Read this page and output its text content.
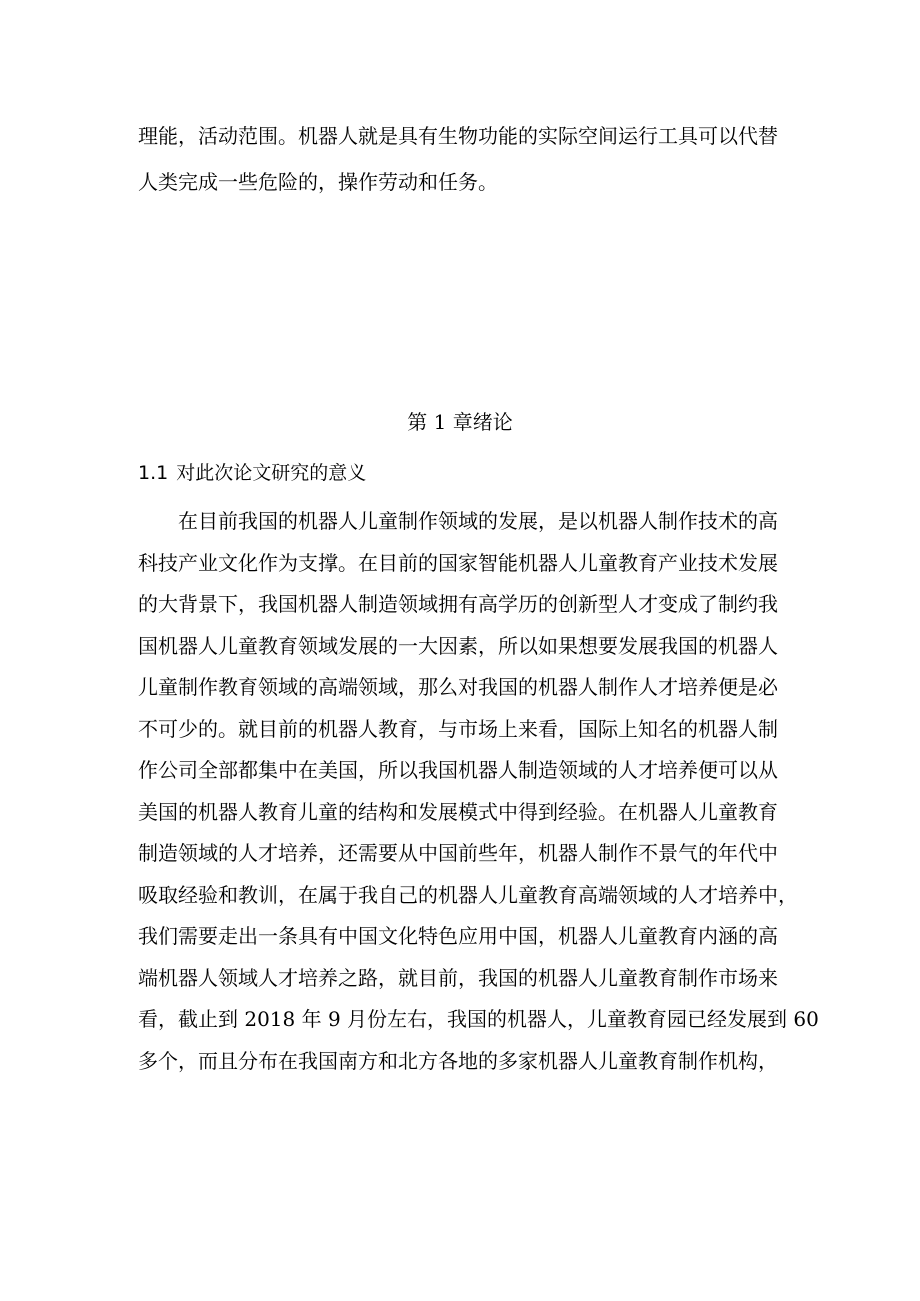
理能，活动范围。机器人就是具有生物功能的实际空间运行工具可以代替
人类完成一些危险的，操作劳动和任务。
第 1 章绪论
1.1 对此次论文研究的意义
在目前我国的机器人儿童制作领域的发展，是以机器人制作技术的高
科技产业文化作为支撑。在目前的国家智能机器人儿童教育产业技术发展
的大背景下，我国机器人制造领域拥有高学历的创新型人才变成了制约我
国机器人儿童教育领域发展的一大因素，所以如果想要发展我国的机器人
儿童制作教育领域的高端领域，那么对我国的机器人制作人才培养便是必
不可少的。就目前的机器人教育，与市场上来看，国际上知名的机器人制
作公司全部都集中在美国，所以我国机器人制造领域的人才培养便可以从
美国的机器人教育儿童的结构和发展模式中得到经验。在机器人儿童教育
制造领域的人才培养，还需要从中国前些年，机器人制作不景气的年代中
吸取经验和教训，在属于我自己的机器人儿童教育高端领域的人才培养中，
我们需要走出一条具有中国文化特色应用中国，机器人儿童教育内涵的高
端机器人领域人才培养之路，就目前，我国的机器人儿童教育制作市场来
看，截止到 2018 年 9 月份左右，我国的机器人，儿童教育园已经发展到 60
多个，而且分布在我国南方和北方各地的多家机器人儿童教育制作机构，
